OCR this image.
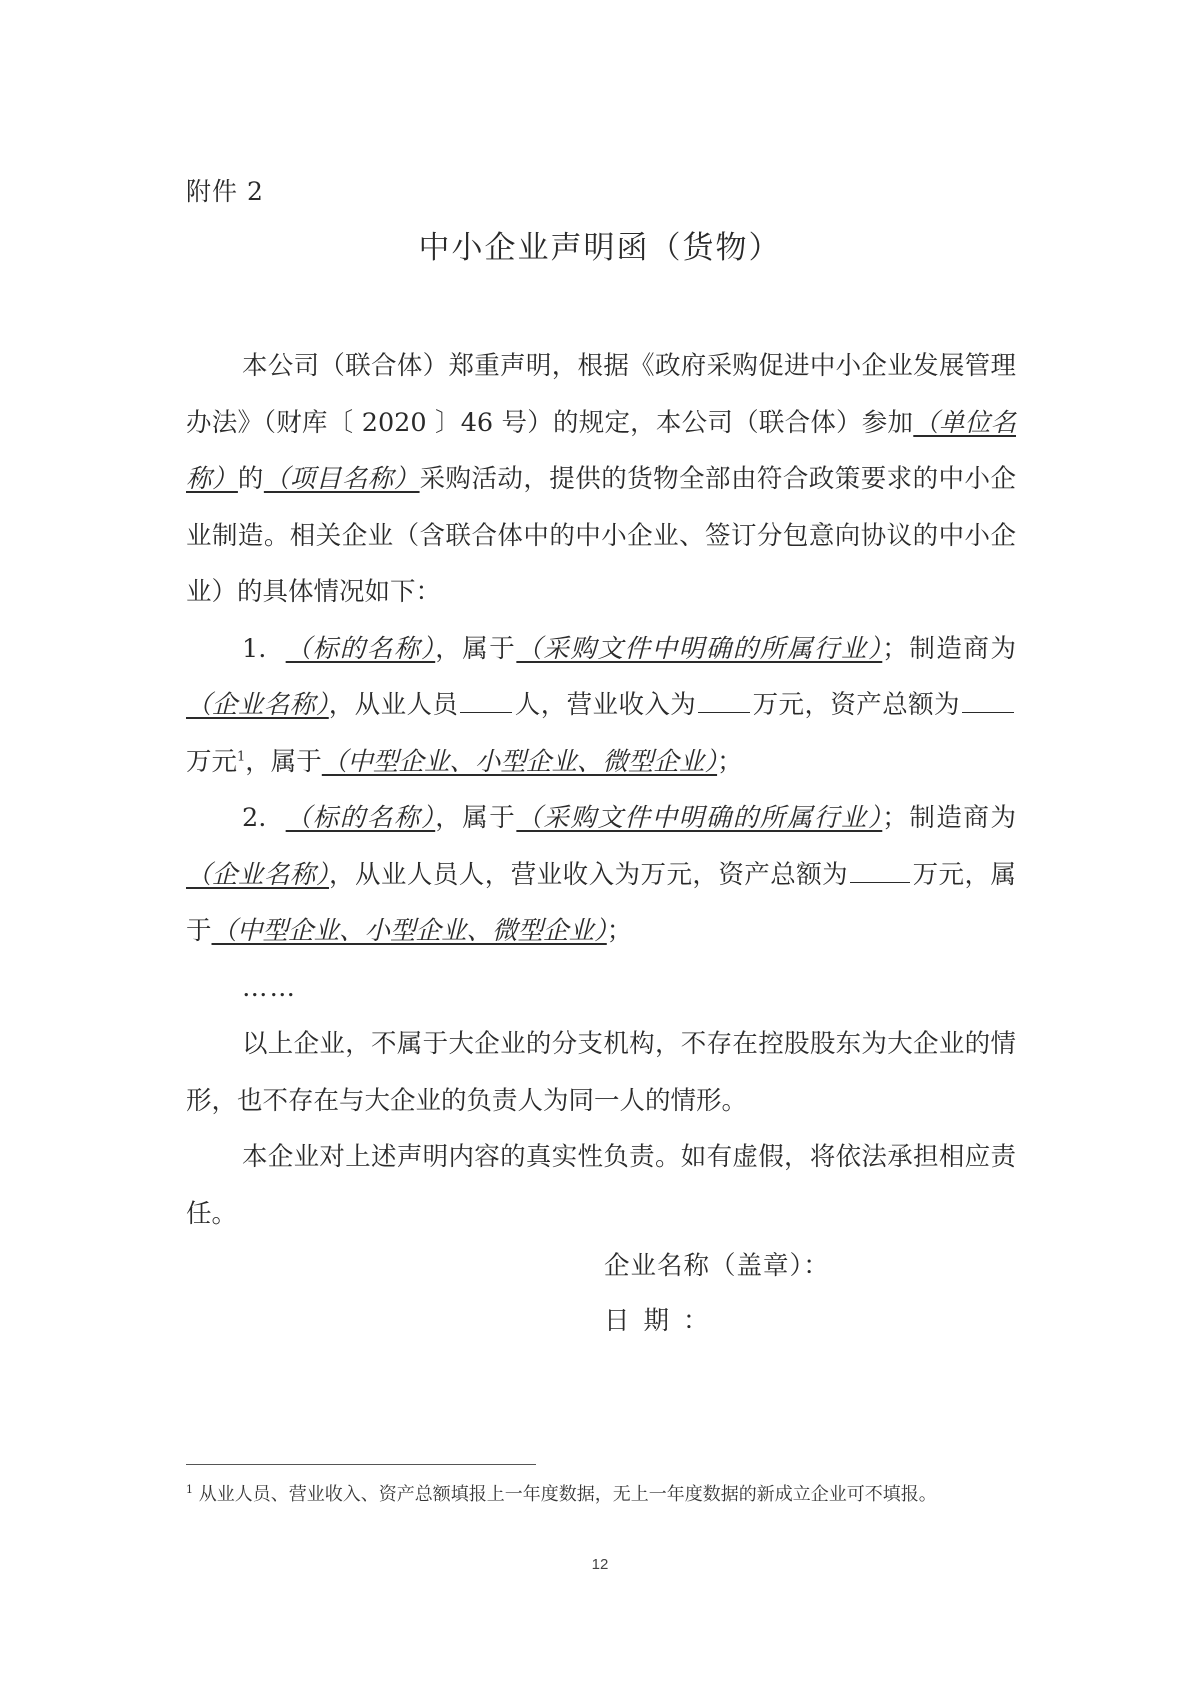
附件 2
中小企业声明函（货物）

本公司（联合体）郑重声明，根据《政府采购促进中小企业发展管理办法》（财库〔 2020 〕46 号）的规定，本公司（联合体）参加（单位名称）的（项目名称）采购活动，提供的货物全部由符合政策要求的中小企业制造。相关企业（含联合体中的中小企业、签订分包意向协议的中小企业）的具体情况如下：

1. （标的名称），属于（采购文件中明确的所属行业）；制造商为（企业名称），从业人员 人，营业收入为 万元，资产总额为万元$^1$，属于（中型企业、小型企业、微型企业）；

2. （标的名称），属于（采购文件中明确的所属行业）；制造商为（企业名称），从业人员人，营业收入为万元，资产总额为	万元，属于（中型企业、小型企业、微型企业）；

……

以上企业，不属于大企业的分支机构，不存在控股股东为大企业的情形，也不存在与大企业的负责人为同一人的情形。

本企业对上述声明内容的真实性负责。如有虚假，将依法承担相应责任。

企业名称（盖章）：
日期：
$^1$ 从业人员、营业收入、资产总额填报上一年度数据，无上一年度数据的新成立企业可不填报。
12
